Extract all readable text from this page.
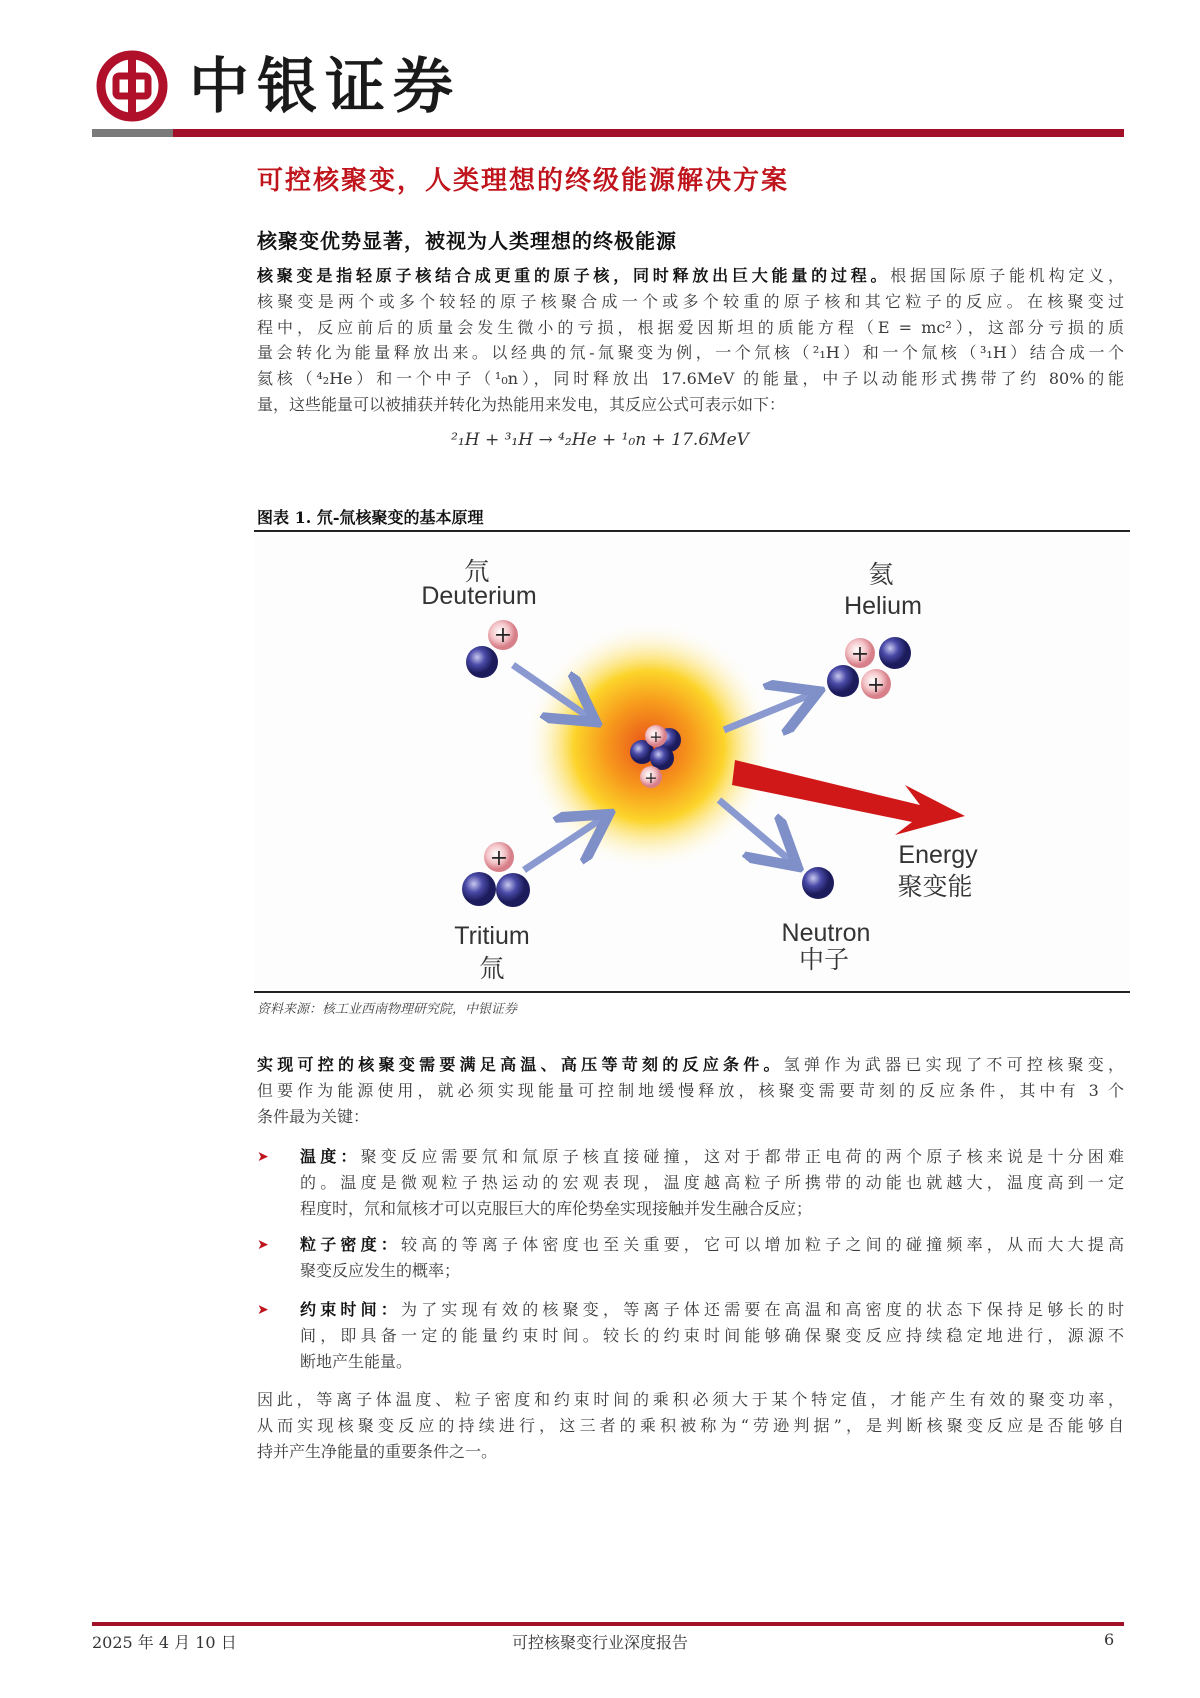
中银证券
可控核聚变，人类理想的终级能源解决方案
核聚变优势显著，被视为人类理想的终极能源
核聚变是指轻原子核结合成更重的原子核，同时释放出巨大能量的过程。根据国际原子能机构定义，
核聚变是两个或多个较轻的原子核聚合成一个或多个较重的原子核和其它粒子的反应。在核聚变过
程中，反应前后的质量会发生微小的亏损，根据爱因斯坦的质能方程（E = mc²），这部分亏损的质
量会转化为能量释放出来。以经典的氘-氚聚变为例，一个氘核（²₁H）和一个氚核（³₁H）结合成一个
氦核（⁴₂He）和一个中子（¹₀n），同时释放出 17.6MeV 的能量，中子以动能形式携带了约 80%的能
量，这些能量可以被捕获并转化为热能用来发电，其反应公式可表示如下：
²₁H + ³₁H → ⁴₂He + ¹₀n + 17.6MeV
图表 1. 氘-氚核聚变的基本原理
+
+
+
+
+
+
氘
Deuterium
氦
Helium
Tritium
氚
Neutron
中子
Energy
聚变能
资料来源：核工业西南物理研究院，中银证券
实现可控的核聚变需要满足高温、高压等苛刻的反应条件。氢弹作为武器已实现了不可控核聚变，
但要作为能源使用，就必须实现能量可控制地缓慢释放，核聚变需要苛刻的反应条件，其中有 3 个
条件最为关键：
➤ 温度：聚变反应需要氘和氚原子核直接碰撞，这对于都带正电荷的两个原子核来说是十分困难
的。温度是微观粒子热运动的宏观表现，温度越高粒子所携带的动能也就越大，温度高到一定
程度时，氘和氚核才可以克服巨大的库伦势垒实现接触并发生融合反应；
➤ 粒子密度：较高的等离子体密度也至关重要，它可以增加粒子之间的碰撞频率，从而大大提高
聚变反应发生的概率；
➤ 约束时间：为了实现有效的核聚变，等离子体还需要在高温和高密度的状态下保持足够长的时
间，即具备一定的能量约束时间。较长的约束时间能够确保聚变反应持续稳定地进行，源源不
断地产生能量。
因此，等离子体温度、粒子密度和约束时间的乘积必须大于某个特定值，才能产生有效的聚变功率，
从而实现核聚变反应的持续进行，这三者的乘积被称为“劳逊判据”，是判断核聚变反应是否能够自
持并产生净能量的重要条件之一。
2025 年 4 月 10 日	可控核聚变行业深度报告	6
